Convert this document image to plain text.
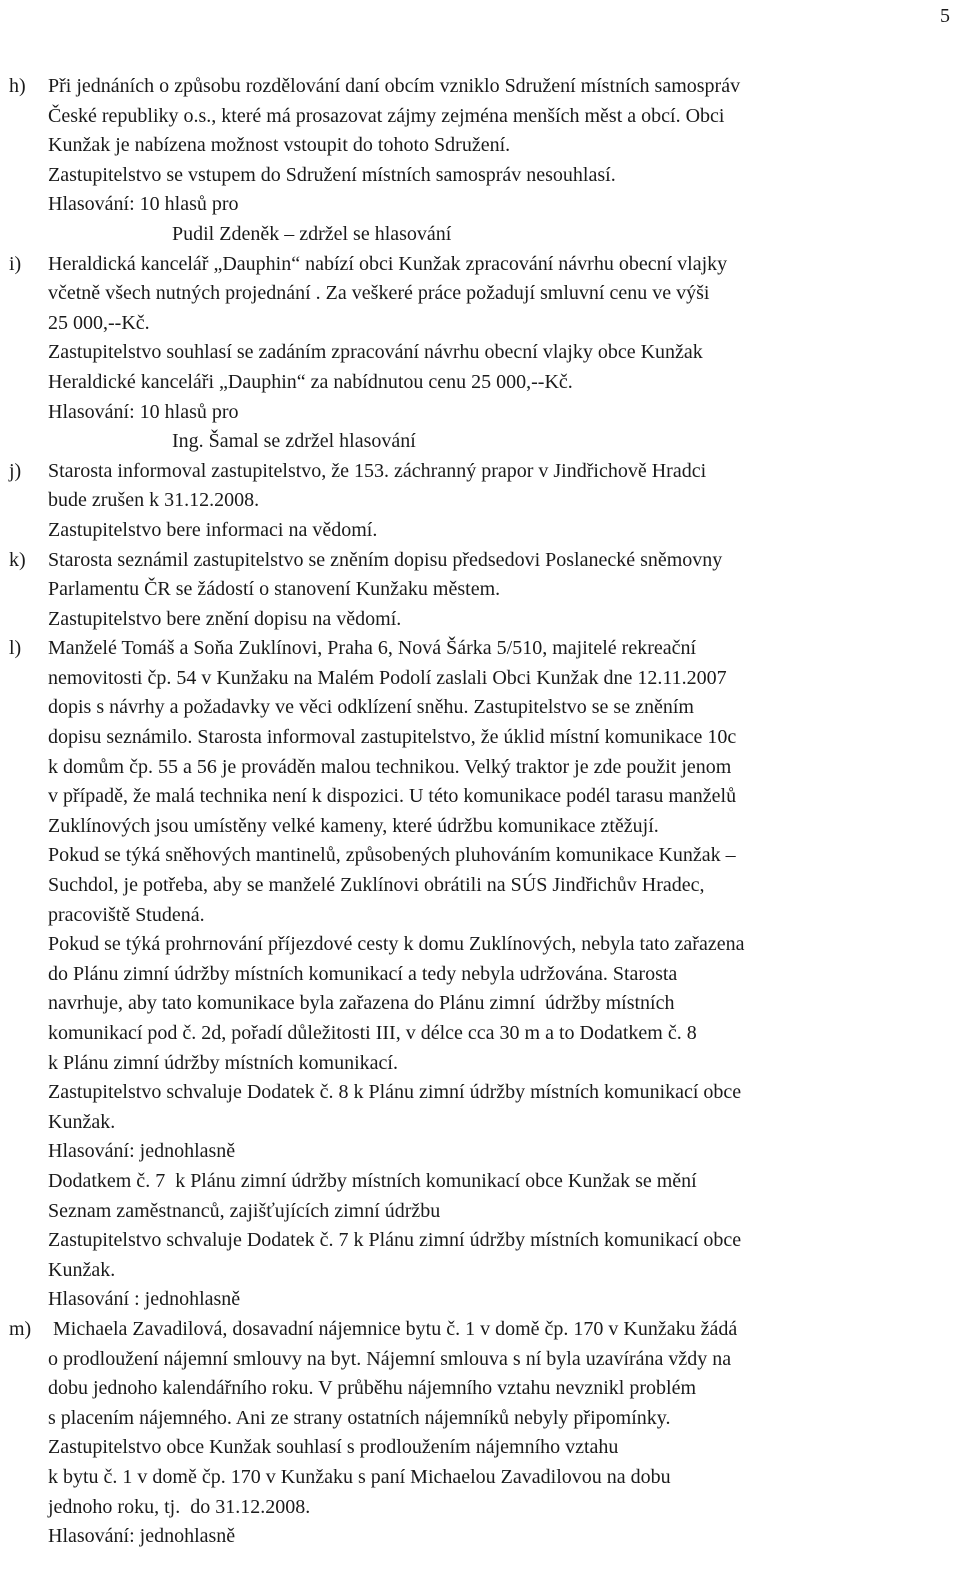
5

h)

Při jednáních o způsobu rozdělování daní obcím vzniklo Sdružení místních samospráv

České republiky o.s., které má prosazovat zájmy zejména menších měst a obcí. Obci
Kunžak je nabízena možnost vstoupit do tohoto Sdružení.
Zastupitelstvo se vstupem do Sdružení místních samospráv nesouhlasí.
Hlasování: 10 hlasů pro
Pudil Zdeněk – zdržel se hlasování

i)

Heraldická kancelář „Dauphin“ nabízí obci Kunžak zpracování návrhu obecní vlajky

včetně všech nutných projednání . Za veškeré práce požadují smluvní cenu ve výši
25 000,--Kč.
Zastupitelstvo souhlasí se zadáním zpracování návrhu obecní vlajky obce Kunžak
Heraldické kanceláři „Dauphin“ za nabídnutou cenu 25 000,--Kč.
Hlasování: 10 hlasů pro
Ing. Šamal se zdržel hlasování

j)

Starosta informoval zastupitelstvo, že 153. záchranný prapor v Jindřichově Hradci

bude zrušen k 31.12.2008.
Zastupitelstvo bere informaci na vědomí.

k)

Starosta seznámil zastupitelstvo se zněním dopisu předsedovi Poslanecké sněmovny

Parlamentu ČR se žádostí o stanovení Kunžaku městem.
Zastupitelstvo bere znění dopisu na vědomí.

l)

Manželé Tomáš a Soňa Zuklínovi, Praha 6, Nová Šárka 5/510, majitelé rekreační

nemovitosti čp. 54 v Kunžaku na Malém Podolí zaslali Obci Kunžak dne 12.11.2007
dopis s návrhy a požadavky ve věci odklízení sněhu. Zastupitelstvo se se zněním
dopisu seznámilo. Starosta informoval zastupitelstvo, že úklid místní komunikace 10c
k domům čp. 55 a 56 je prováděn malou technikou. Velký traktor je zde použit jenom
v případě, že malá technika není k dispozici. U této komunikace podél tarasu manželů
Zuklínových jsou umístěny velké kameny, které údržbu komunikace ztěžují.
Pokud se týká sněhových mantinelů, způsobených pluhováním komunikace Kunžak –
Suchdol, je potřeba, aby se manželé Zuklínovi obrátili na SÚS Jindřichův Hradec,
pracoviště Studená.
Pokud se týká prohrnování příjezdové cesty k domu Zuklínových, nebyla tato zařazena
do Plánu zimní údržby místních komunikací a tedy nebyla udržována. Starosta
navrhuje, aby tato komunikace byla zařazena do Plánu zimní  údržby místních
komunikací pod č. 2d, pořadí důležitosti III, v délce cca 30 m a to Dodatkem č. 8
k Plánu zimní údržby místních komunikací.
Zastupitelstvo schvaluje Dodatek č. 8 k Plánu zimní údržby místních komunikací obce
Kunžak.
Hlasování: jednohlasně
Dodatkem č. 7  k Plánu zimní údržby místních komunikací obce Kunžak se mění
Seznam zaměstnanců, zajišťujících zimní údržbu
Zastupitelstvo schvaluje Dodatek č. 7 k Plánu zimní údržby místních komunikací obce
Kunžak.
Hlasování : jednohlasně

m)

Michaela Zavadilová, dosavadní nájemnice bytu č. 1 v domě čp. 170 v Kunžaku žádá

o prodloužení nájemní smlouvy na byt. Nájemní smlouva s ní byla uzavírána vždy na
dobu jednoho kalendářního roku. V průběhu nájemního vztahu nevznikl problém
s placením nájemného. Ani ze strany ostatních nájemníků nebyly připomínky.
Zastupitelstvo obce Kunžak souhlasí s prodloužením nájemního vztahu
k bytu č. 1 v domě čp. 170 v Kunžaku s paní Michaelou Zavadilovou na dobu
jednoho roku, tj.  do 31.12.2008.
Hlasování: jednohlasně
